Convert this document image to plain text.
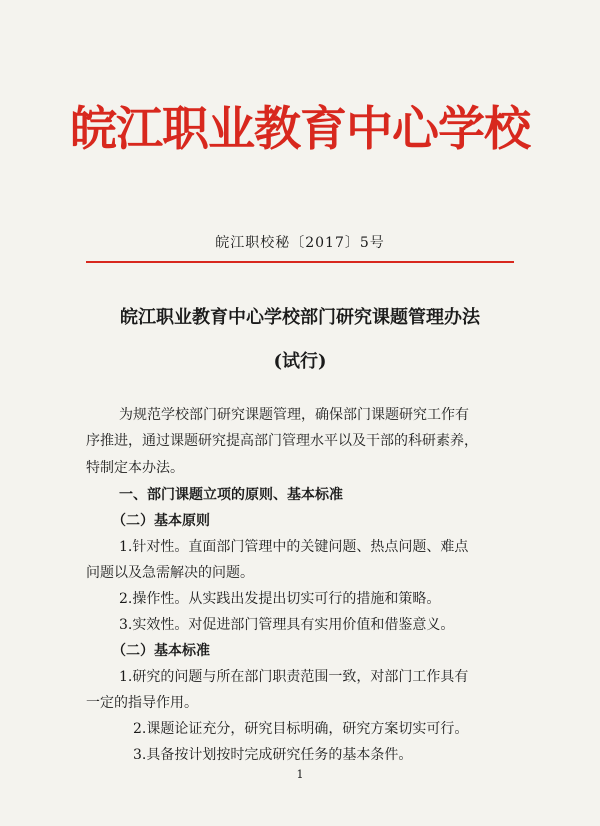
皖江职业教育中心学校
皖江职校秘〔2017〕5号
皖江职业教育中心学校部门研究课题管理办法
(试行)
为规范学校部门研究课题管理，确保部门课题研究工作有
序推进，通过课题研究提高部门管理水平以及干部的科研素养，
特制定本办法。
一、部门课题立项的原则、基本标准
（二）基本原则
1.针对性。直面部门管理中的关键问题、热点问题、难点
问题以及急需解决的问题。
2.操作性。从实践出发提出切实可行的措施和策略。
3.实效性。对促进部门管理具有实用价值和借鉴意义。
（二）基本标准
1.研究的问题与所在部门职责范围一致，对部门工作具有
一定的指导作用。
2.课题论证充分，研究目标明确，研究方案切实可行。
3.具备按计划按时完成研究任务的基本条件。
1
